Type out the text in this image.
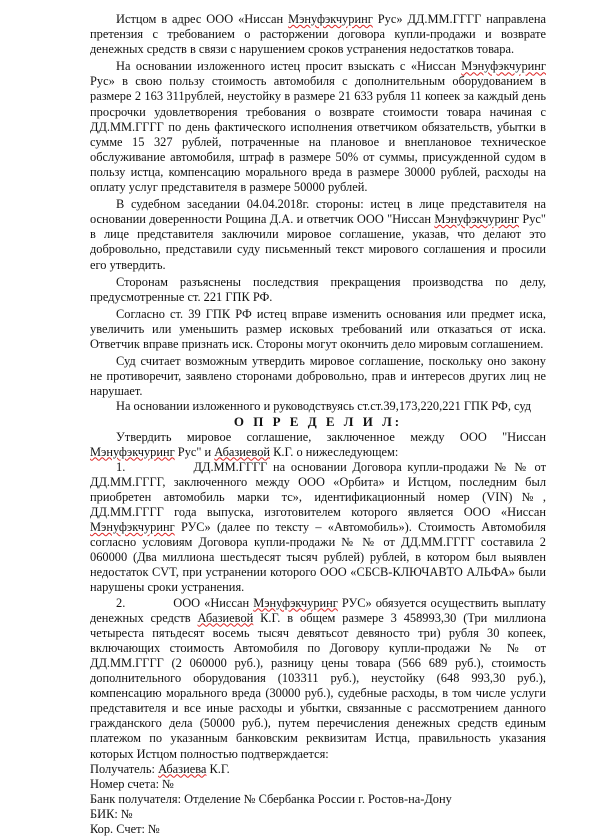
Истцом в адрес ООО «Ниссан Мэнуфэкчуринг Рус» ДД.ММ.ГГГГ направлена претензия с требованием о расторжении договора купли-продажи и возврате денежных средств в связи с нарушением сроков устранения недостатков товара.

На основании изложенного истец просит взыскать с «Ниссан Мэнуфэкчуринг Рус» в свою пользу стоимость автомобиля с дополнительным оборудованием в размере 2 163 311рублей, неустойку в размере 21 633 рубля 11 копеек за каждый день просрочки удовлетворения требования о возврате стоимости товара начиная с ДД.ММ.ГГГГ по день фактического исполнения ответчиком обязательств, убытки в сумме 15 327 рублей, потраченные на плановое и внеплановое техническое обслуживание автомобиля, штраф в размере 50% от суммы, присужденной судом в пользу истца, компенсацию морального вреда в размере 30000 рублей, расходы на оплату услуг представителя в размере 50000 рублей.

В судебном заседании 04.04.2018г. стороны: истец в лице представителя на основании доверенности Рощина Д.А. и ответчик ООО "Ниссан Мэнуфэкчуринг Рус" в лице представителя заключили мировое соглашение, указав, что делают это добровольно, представили суду письменный текст мирового соглашения и просили его утвердить.

Сторонам разъяснены последствия прекращения производства по делу, предусмотренные ст. 221 ГПК РФ.

Согласно ст. 39 ГПК РФ истец вправе изменить основания или предмет иска, увеличить или уменьшить размер исковых требований или отказаться от иска. Ответчик вправе признать иск. Стороны могут окончить дело мировым соглашением.

Суд считает возможным утвердить мировое соглашение, поскольку оно закону не противоречит, заявлено сторонами добровольно, прав и интересов других лиц не нарушает.

На основании изложенного и руководствуясь ст.ст.39,173,220,221 ГПК РФ, суд

О П Р Е Д Е Л И Л:

Утвердить мировое соглашение, заключенное между ООО "Ниссан Мэнуфэкчуринг Рус" и Абазиевой К.Г. о нижеследующем:

1.            ДД.ММ.ГГГГ на основании Договора купли-продажи № № от ДД.ММ.ГГГГ, заключенного между ООО «Орбита» и Истцом, последним был приобретен автомобиль марки тс», идентификационный номер (VIN)№, ДД.ММ.ГГГГ года выпуска, изготовителем которого является ООО «Ниссан Мэнуфэкчуринг РУС» (далее по тексту – «Автомобиль»). Стоимость Автомобиля согласно условиям Договора купли-продажи № № от ДД.ММ.ГГГГ составила 2 060000 (Два миллиона шестьдесят тысяч рублей) рублей, в котором был выявлен недостаток CVT, при устранении которого ООО «СБСВ-КЛЮЧАВТО АЛЬФА» были нарушены сроки устранения.

2.            ООО «Ниссан Мэнуфэкчуринг РУС» обязуется осуществить выплату денежных средств Абазиевой К.Г. в общем размере 3 458993,30 (Три миллиона четыреста пятьдесят восемь тысяч девятьсот девяносто три) рубля 30 копеек, включающих стоимость Автомобиля по Договору купли-продажи № № от ДД.ММ.ГГГГ (2 060000 руб.), разницу цены товара (566 689 руб.), стоимость дополнительного оборудования (103311 руб.), неустойку (648 993,30 руб.), компенсацию морального вреда (30000 руб.), судебные расходы, в том числе услуги представителя и все иные расходы и убытки, связанные с рассмотрением данного гражданского дела (50000 руб.), путем перечисления денежных средств единым платежом по указанным банковским реквизитам Истца, правильность указания которых Истцом полностью подтверждается:

Получатель: Абазиева К.Г.

Номер счета: №

Банк получателя: Отделение № Сбербанка России г. Ростов-на-Дону

БИК: №

Кор. Счет: №
